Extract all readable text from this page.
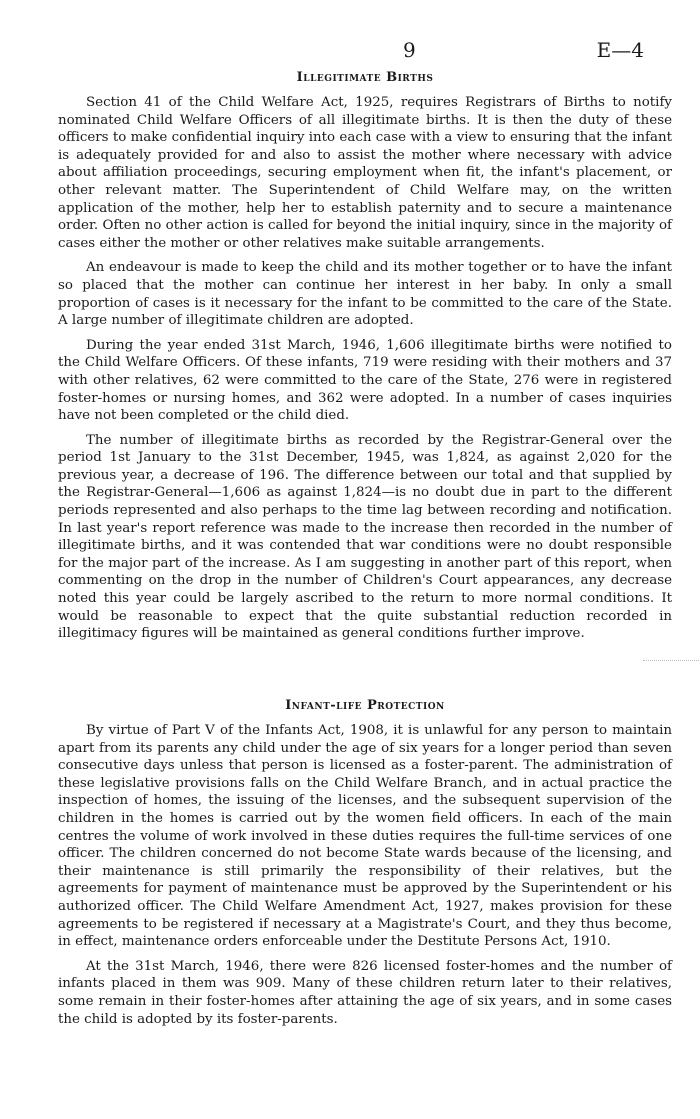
9	E—4
Illegitimate Births

Section 41 of the Child Welfare Act, 1925, requires Registrars of Births to notify nominated Child Welfare Officers of all illegitimate births. It is then the duty of these officers to make confidential inquiry into each case with a view to ensuring that the infant is adequately provided for and also to assist the mother where necessary with advice about affiliation proceedings, securing employment when fit, the infant's placement, or other relevant matter. The Superintendent of Child Welfare may, on the written application of the mother, help her to establish paternity and to secure a maintenance order. Often no other action is called for beyond the initial inquiry, since in the majority of cases either the mother or other relatives make suitable arrangements.

An endeavour is made to keep the child and its mother together or to have the infant so placed that the mother can continue her interest in her baby. In only a small proportion of cases is it necessary for the infant to be committed to the care of the State. A large number of illegitimate children are adopted.

During the year ended 31st March, 1946, 1,606 illegitimate births were notified to the Child Welfare Officers. Of these infants, 719 were residing with their mothers and 37 with other relatives, 62 were committed to the care of the State, 276 were in registered foster-homes or nursing homes, and 362 were adopted. In a number of cases inquiries have not been completed or the child died.

The number of illegitimate births as recorded by the Registrar-General over the period 1st January to the 31st December, 1945, was 1,824, as against 2,020 for the previous year, a decrease of 196. The difference between our total and that supplied by the Registrar-General—1,606 as against 1,824—is no doubt due in part to the different periods represented and also perhaps to the time lag between recording and notification. In last year's report reference was made to the increase then recorded in the number of illegitimate births, and it was contended that war conditions were no doubt responsible for the major part of the increase. As I am suggesting in another part of this report, when commenting on the drop in the number of Children's Court appearances, any decrease noted this year could be largely ascribed to the return to more normal conditions. It would be reasonable to expect that the quite substantial reduction recorded in illegitimacy figures will be maintained as general conditions further improve.

Infant-life Protection

By virtue of Part V of the Infants Act, 1908, it is unlawful for any person to maintain apart from its parents any child under the age of six years for a longer period than seven consecutive days unless that person is licensed as a foster-parent. The administration of these legislative provisions falls on the Child Welfare Branch, and in actual practice the inspection of homes, the issuing of the licenses, and the subsequent supervision of the children in the homes is carried out by the women field officers. In each of the main centres the volume of work involved in these duties requires the full-time services of one officer. The children concerned do not become State wards because of the licensing, and their maintenance is still primarily the responsibility of their relatives, but the agreements for payment of maintenance must be approved by the Superintendent or his authorized officer. The Child Welfare Amendment Act, 1927, makes provision for these agreements to be registered if necessary at a Magistrate's Court, and they thus become, in effect, maintenance orders enforceable under the Destitute Persons Act, 1910.

At the 31st March, 1946, there were 826 licensed foster-homes and the number of infants placed in them was 909. Many of these children return later to their relatives, some remain in their foster-homes after attaining the age of six years, and in some cases the child is adopted by its foster-parents.
